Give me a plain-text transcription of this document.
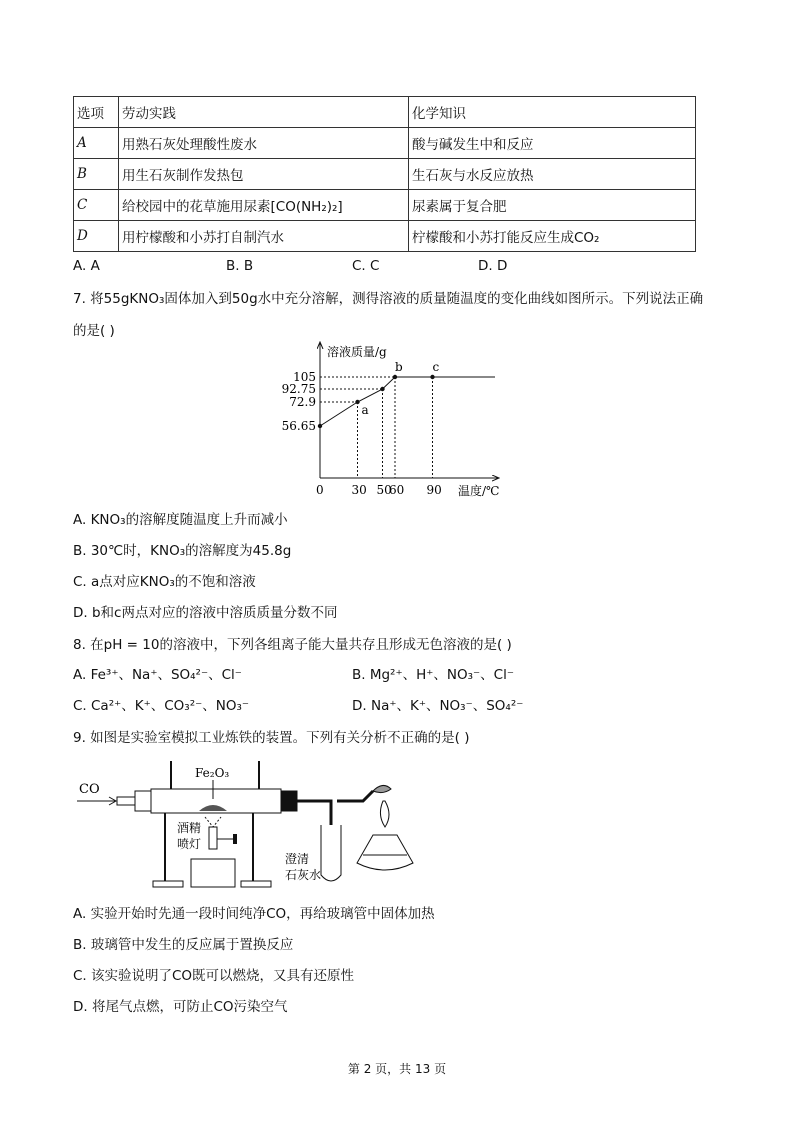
选项	劳动实践	化学知识
A	用熟石灰处理酸性废水	酸与碱发生中和反应
B	用生石灰制作发热包	生石灰与水反应放热
C	给校园中的花草施用尿素[CO(NH₂)₂]	尿素属于复合肥
D	用柠檬酸和小苏打自制汽水	柠檬酸和小苏打能反应生成CO₂
A. A	B. B	C. C	D. D
7. 将55gKNO₃固体加入到50g水中充分溶解，测得溶液的质量随温度的变化曲线如图所示。下列说法正确
的是( )
溶液质量/g
温度/℃
0 30 50
60 90
56.65
72.9
92.75
105
a
b c
A. KNO₃的溶解度随温度上升而减小
B. 30℃时，KNO₃的溶解度为45.8g
C. a点对应KNO₃的不饱和溶液
D. b和c两点对应的溶液中溶质质量分数不同
8. 在pH = 10的溶液中，下列各组离子能大量共存且形成无色溶液的是( )
A. Fe³⁺、Na⁺、SO₄²⁻、Cl⁻	B. Mg²⁺、H⁺、NO₃⁻、Cl⁻
C. Ca²⁺、K⁺、CO₃²⁻、NO₃⁻	D. Na⁺、K⁺、NO₃⁻、SO₄²⁻
9. 如图是实验室模拟工业炼铁的装置。下列有关分析不正确的是( )
CO
Fe₂O₃
酒精
喷灯
澄清
石灰水
A. 实验开始时先通一段时间纯净CO，再给玻璃管中固体加热
B. 玻璃管中发生的反应属于置换反应
C. 该实验说明了CO既可以燃烧，又具有还原性
D. 将尾气点燃，可防止CO污染空气
第 2 页，共 13 页
